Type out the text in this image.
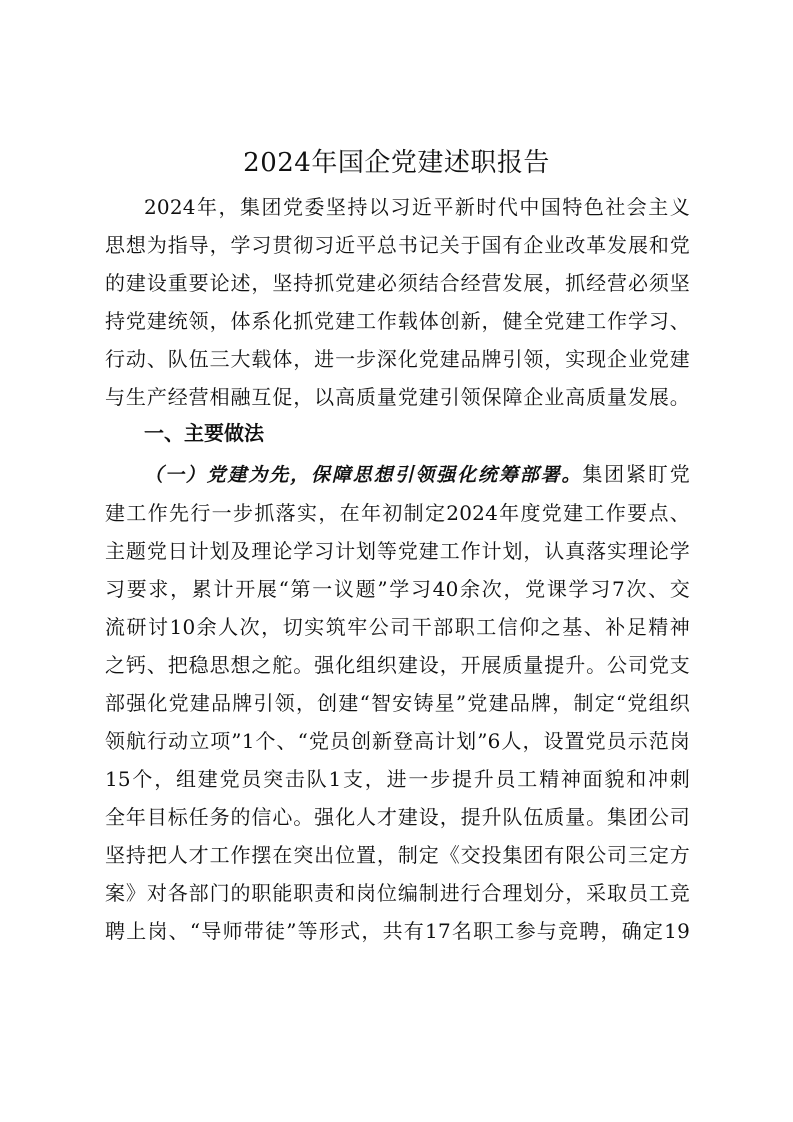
2024年国企党建述职报告
2024年，集团党委坚持以习近平新时代中国特色社会主义
思想为指导，学习贯彻习近平总书记关于国有企业改革发展和党
的建设重要论述，坚持抓党建必须结合经营发展，抓经营必须坚
持党建统领，体系化抓党建工作载体创新，健全党建工作学习、
行动、队伍三大载体，进一步深化党建品牌引领，实现企业党建
与生产经营相融互促，以高质量党建引领保障企业高质量发展。
一、主要做法
（一）党建为先，保障思想引领强化统筹部署。集团紧盯党
建工作先行一步抓落实，在年初制定2024年度党建工作要点、
主题党日计划及理论学习计划等党建工作计划，认真落实理论学
习要求，累计开展“第一议题”学习40余次，党课学习7次、交
流研讨10余人次，切实筑牢公司干部职工信仰之基、补足精神
之钙、把稳思想之舵。强化组织建设，开展质量提升。公司党支
部强化党建品牌引领，创建“智安铸星”党建品牌，制定“党组织
领航行动立项”1个、“党员创新登高计划”6人，设置党员示范岗
15个，组建党员突击队1支，进一步提升员工精神面貌和冲刺
全年目标任务的信心。强化人才建设，提升队伍质量。集团公司
坚持把人才工作摆在突出位置，制定《交投集团有限公司三定方
案》对各部门的职能职责和岗位编制进行合理划分，采取员工竞
聘上岗、“导师带徒”等形式，共有17名职工参与竞聘，确定19
